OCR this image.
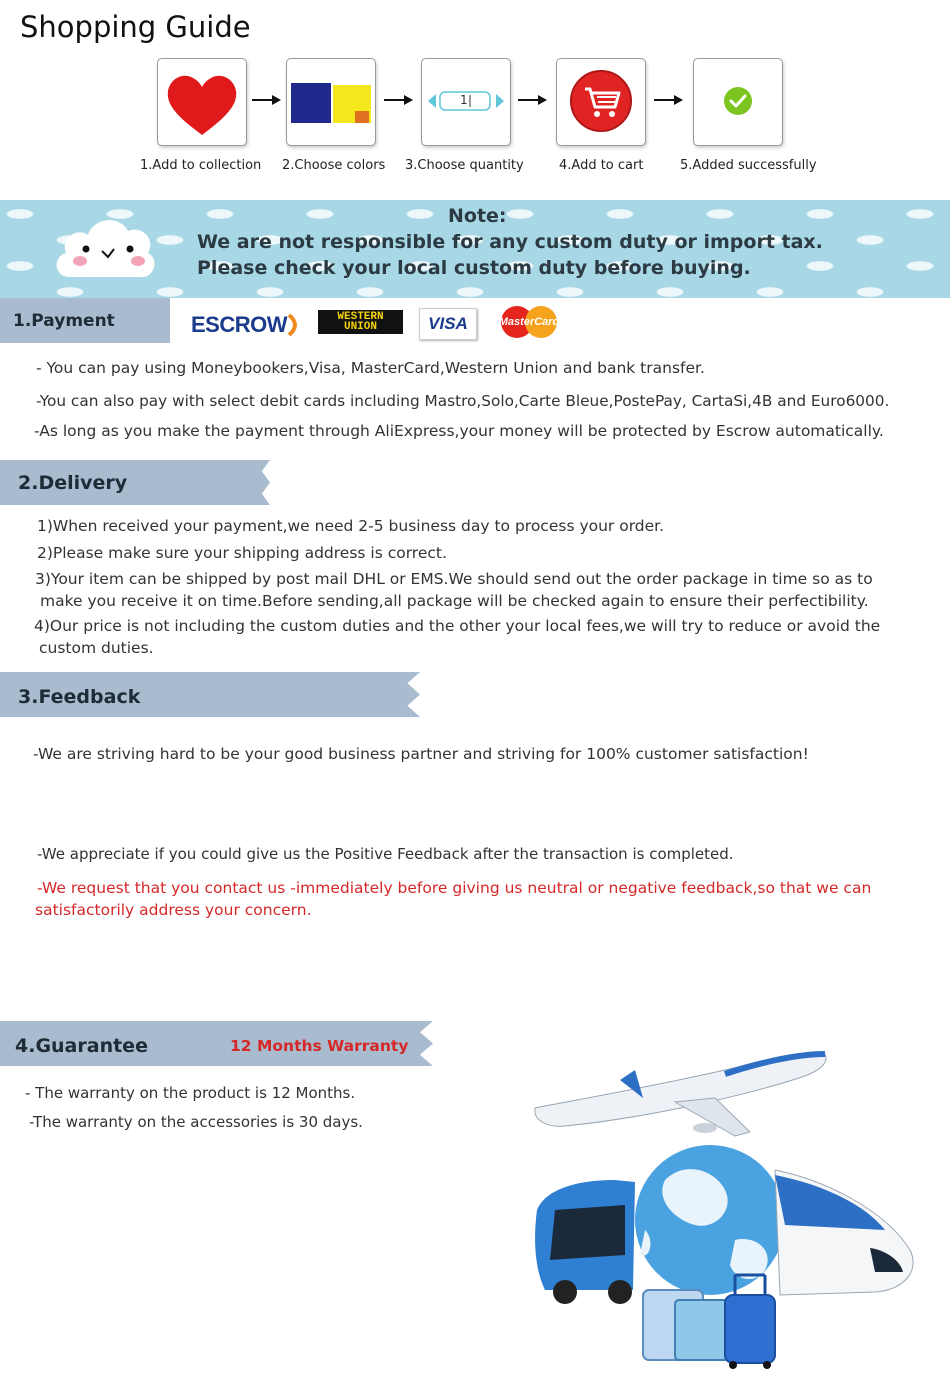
Shopping Guide
1
1.Add to collection 2.Choose colors 3.Choose quantity	4.Add to cart	5.Added successfully
Note:
We are not responsible for any custom duty or import tax.
Please check your local custom duty before buying.
1.Payment	ESCROW	WESTERN
UNION	VISA	MasterCard
- You can pay using Moneybookers,Visa, MasterCard,Western Union and bank transfer.
-You can also pay with select debit cards including Mastro,Solo,Carte Bleue,PostePay, CartaSi,4B and Euro6000.
-As long as you make the payment through AliExpress,your money will be protected by Escrow automatically.
2.Delivery
1)When received your payment,we need 2-5 business day to process your order.
2)Please make sure your shipping address is correct.
3)Your item can be shipped by post mail DHL or EMS.We should send out the order package in time so as to
make you receive it on time.Before sending,all package will be checked again to ensure their perfectibility.
4)Our price is not including the custom duties and the other your local fees,we will try to reduce or avoid the
custom duties.
3.Feedback
-We are striving hard to be your good business partner and striving for 100% customer satisfaction!
-We appreciate if you could give us the Positive Feedback after the transaction is completed.
-We request that you contact us -immediately before giving us neutral or negative feedback,so that we can
satisfactorily address your concern.
4.Guarantee	12 Months Warranty
- The warranty on the product is 12 Months.
-The warranty on the accessories is 30 days.
